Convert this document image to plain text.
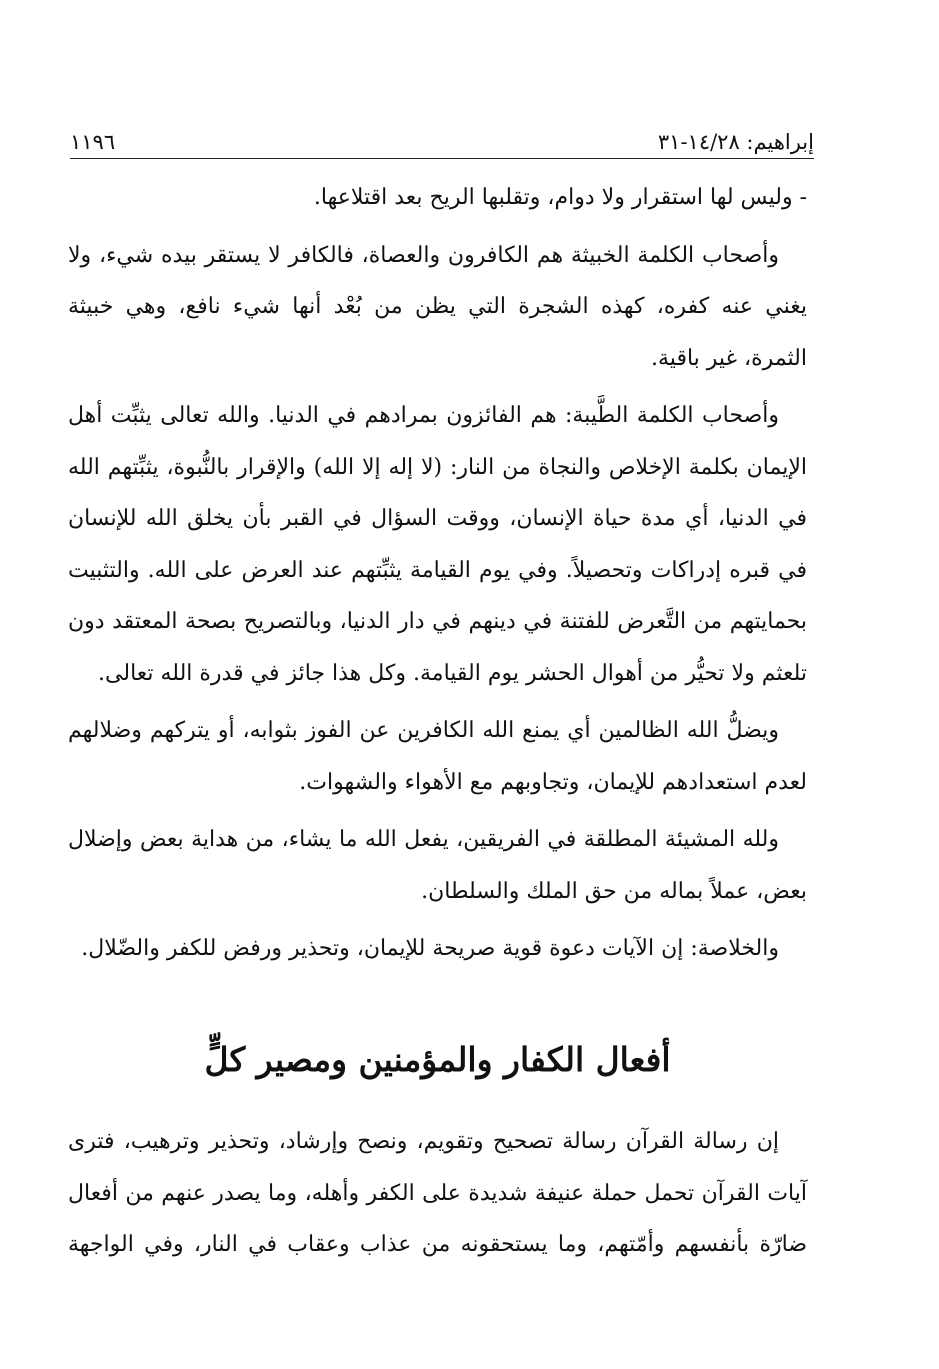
إبراهيم: ١٤/٢٨-٣١
١١٩٦

- وليس لها استقرار ولا دوام، وتقلبها الريح بعد اقتلاعها.

وأصحاب الكلمة الخبيثة هم الكافرون والعصاة، فالكافر لا يستقر بيده شيء، ولا يغني عنه كفره، كهذه الشجرة التي يظن من بُعْد أنها شيء نافع، وهي خبيثة الثمرة، غير باقية.

وأصحاب الكلمة الطَّيبة: هم الفائزون بمرادهم في الدنيا. والله تعالى يثبِّت أهل الإيمان بكلمة الإخلاص والنجاة من النار: (لا إله إلا الله) والإقرار بالنُّبوة، يثبِّتهم الله في الدنيا، أي مدة حياة الإنسان، ووقت السؤال في القبر بأن يخلق الله للإنسان في قبره إدراكات وتحصيلاً. وفي يوم القيامة يثبِّتهم عند العرض على الله. والتثبيت بحمايتهم من التَّعرض للفتنة في دينهم في دار الدنيا، وبالتصريح بصحة المعتقد دون تلعثم ولا تحيُّر من أهوال الحشر يوم القيامة. وكل هذا جائز في قدرة الله تعالى.

ويضلُّ الله الظالمين أي يمنع الله الكافرين عن الفوز بثوابه، أو يتركهم وضلالهم لعدم استعدادهم للإيمان، وتجاوبهم مع الأهواء والشهوات.

ولله المشيئة المطلقة في الفريقين، يفعل الله ما يشاء، من هداية بعض وإضلال بعض، عملاً بماله من حق الملك والسلطان.

والخلاصة: إن الآيات دعوة قوية صريحة للإيمان، وتحذير ورفض للكفر والضّلال.

أفعال الكفار والمؤمنين ومصير كلٍّ

إن رسالة القرآن رسالة تصحيح وتقويم، ونصح وإرشاد، وتحذير وترهيب، فترى آيات القرآن تحمل حملة عنيفة شديدة على الكفر وأهله، وما يصدر عنهم من أفعال ضارّة بأنفسهم وأمّتهم، وما يستحقونه من عذاب وعقاب في النار، وفي الواجهة
